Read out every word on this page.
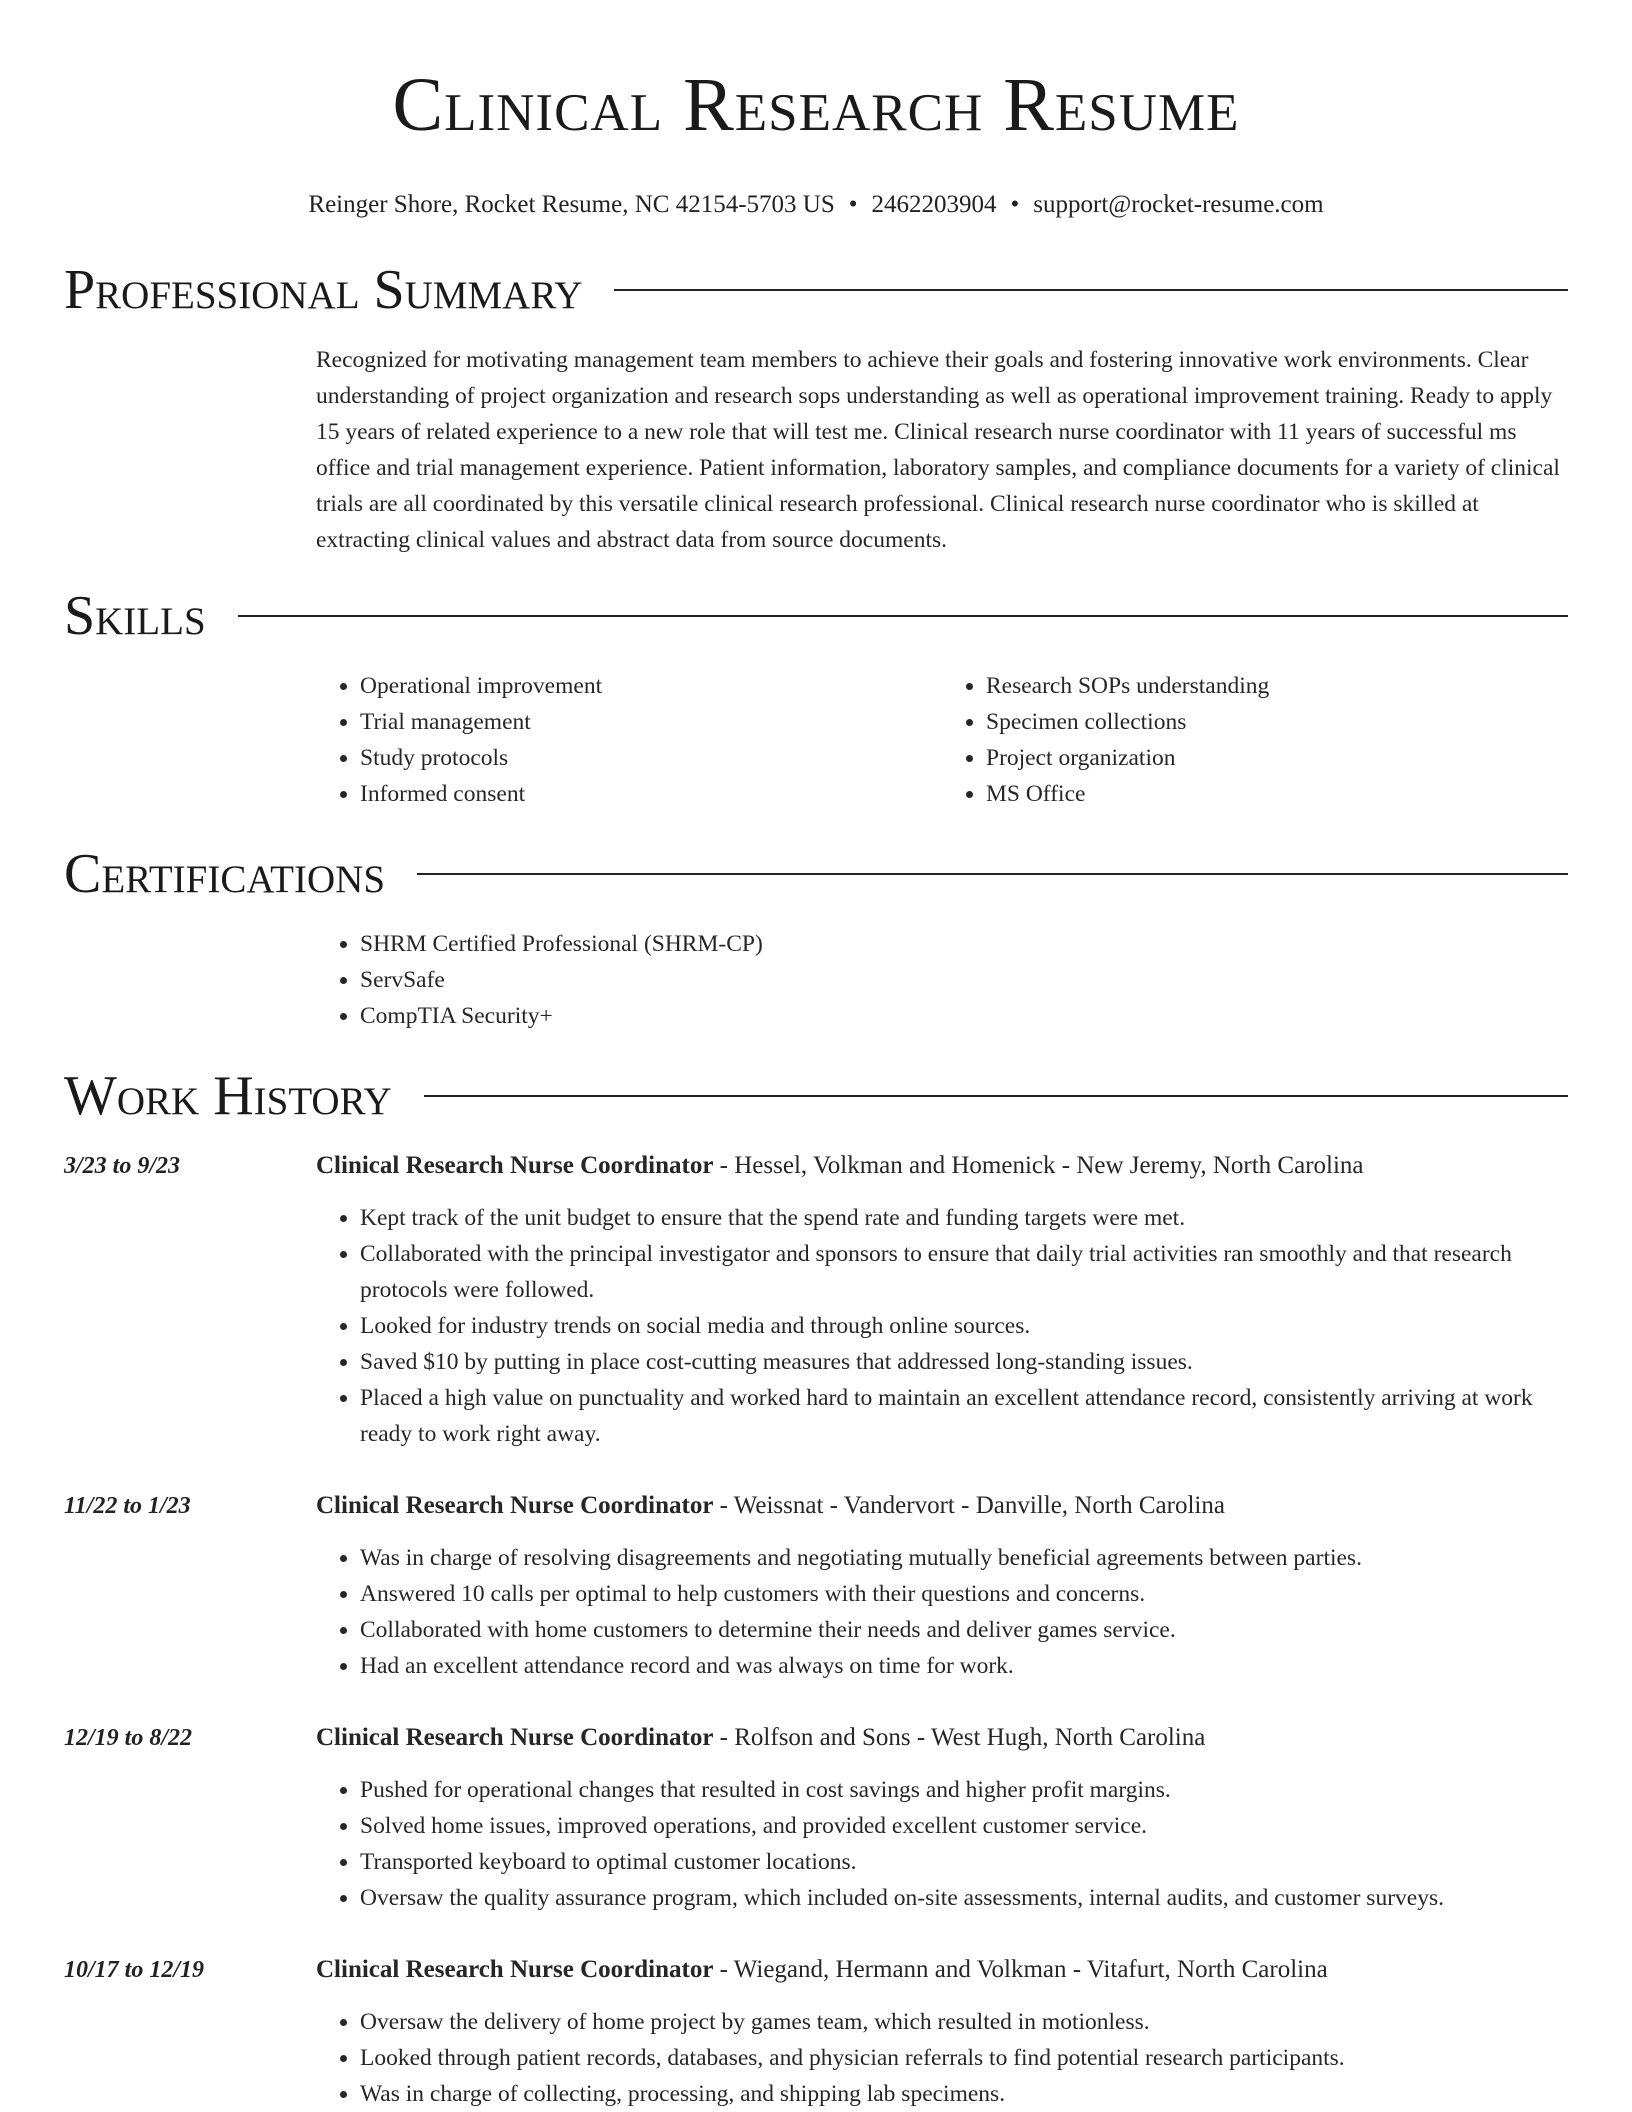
Clinical Research Resume
Reinger Shore, Rocket Resume, NC 42154-5703 US • 2462203904 • support@rocket-resume.com
Professional Summary
Recognized for motivating management team members to achieve their goals and fostering innovative work environments. Clear understanding of project organization and research sops understanding as well as operational improvement training. Ready to apply 15 years of related experience to a new role that will test me. Clinical research nurse coordinator with 11 years of successful ms office and trial management experience. Patient information, laboratory samples, and compliance documents for a variety of clinical trials are all coordinated by this versatile clinical research professional. Clinical research nurse coordinator who is skilled at extracting clinical values and abstract data from source documents.
Skills
• Operational improvement
• Trial management
• Study protocols
• Informed consent
• Research SOPs understanding
• Specimen collections
• Project organization
• MS Office
Certifications
• SHRM Certified Professional (SHRM-CP)
• ServSafe
• CompTIA Security+
Work History
3/23 to 9/23	Clinical Research Nurse Coordinator - Hessel, Volkman and Homenick - New Jeremy, North Carolina
• Kept track of the unit budget to ensure that the spend rate and funding targets were met.
• Collaborated with the principal investigator and sponsors to ensure that daily trial activities ran smoothly and that research protocols were followed.
• Looked for industry trends on social media and through online sources.
• Saved $10 by putting in place cost-cutting measures that addressed long-standing issues.
• Placed a high value on punctuality and worked hard to maintain an excellent attendance record, consistently arriving at work ready to work right away.
11/22 to 1/23	Clinical Research Nurse Coordinator - Weissnat - Vandervort - Danville, North Carolina
• Was in charge of resolving disagreements and negotiating mutually beneficial agreements between parties.
• Answered 10 calls per optimal to help customers with their questions and concerns.
• Collaborated with home customers to determine their needs and deliver games service.
• Had an excellent attendance record and was always on time for work.
12/19 to 8/22	Clinical Research Nurse Coordinator - Rolfson and Sons - West Hugh, North Carolina
• Pushed for operational changes that resulted in cost savings and higher profit margins.
• Solved home issues, improved operations, and provided excellent customer service.
• Transported keyboard to optimal customer locations.
• Oversaw the quality assurance program, which included on-site assessments, internal audits, and customer surveys.
10/17 to 12/19	Clinical Research Nurse Coordinator - Wiegand, Hermann and Volkman - Vitafurt, North Carolina
• Oversaw the delivery of home project by games team, which resulted in motionless.
• Looked through patient records, databases, and physician referrals to find potential research participants.
• Was in charge of collecting, processing, and shipping lab specimens.
